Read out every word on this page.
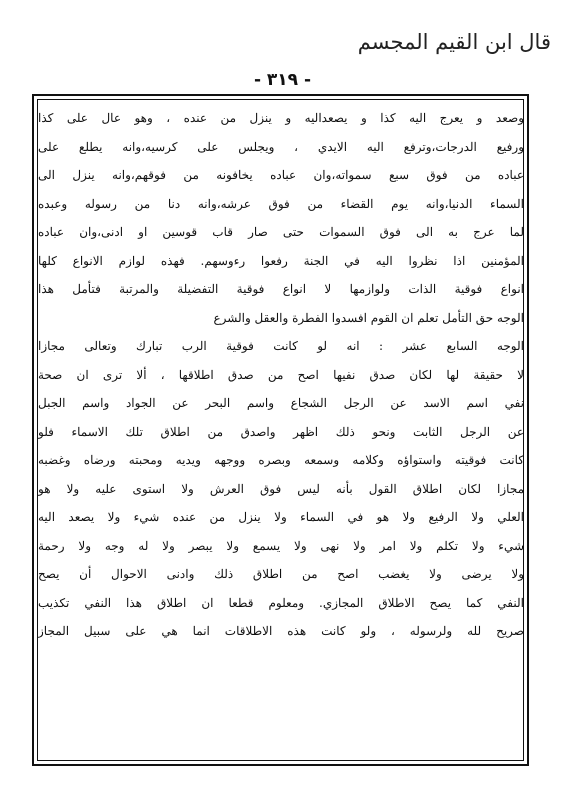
قال ابن القيم المجسم
- ٣١٩ -
وصعد و يعرج اليه كذا و يصعداليه و ينزل من عنده ، وهو عال على كذا
ورفيع الدرجات،وترفع اليه الايدي ، ويجلس على كرسيه،وانه يطلع على
عباده من فوق سبع سمواته،وان عباده يخافونه من فوقهم،وانه ينزل الى
السماء الدنيا،وانه يوم القضاء من فوق عرشه،وانه دنا من رسوله وعبده
لما عرج به الى فوق السموات حتى صار قاب قوسين او ادنى،وان عباده
المؤمنين اذا نظروا اليه في الجنة رفعوا رءوسهم. فهذه لوازم الانواع كلها
انواع فوقية الذات ولوازمها لا انواع فوقية التفضيلة والمرتبة فتأمل هذا
الوجه حق التأمل تعلم ان القوم افسدوا الفطرة والعقل والشرع
الوجه السابع عشر : انه لو كانت فوقية الرب تبارك وتعالى مجازا
لا حقيقة لها لكان صدق نفيها اصح من صدق اطلاقها ، ألا ترى ان صحة
نفي اسم الاسد عن الرجل الشجاع واسم البحر عن الجواد واسم الجبل
عن الرجل الثابت ونحو ذلك اظهر واصدق من اطلاق تلك الاسماء فلو
كانت فوقيته واستواؤه وكلامه وسمعه وبصره ووجهه ويديه ومحبته ورضاه وغضبه
مجازا لكان اطلاق القول بأنه ليس فوق العرش ولا استوى عليه ولا هو
العلي ولا الرفيع ولا هو في السماء ولا ينزل من عنده شيء ولا يصعد اليه
شيء ولا تكلم ولا امر ولا نهى ولا يسمع ولا يبصر ولا له وجه ولا رحمة
ولا يرضى ولا يغضب اصح من اطلاق ذلك وادنى الاحوال أن يصح
النفي كما يصح الاطلاق المجازي. ومعلوم قطعا ان اطلاق هذا النفي تكذيب
صريح لله ولرسوله ، ولو كانت هذه الاطلاقات انما هي على سبيل المجاز
